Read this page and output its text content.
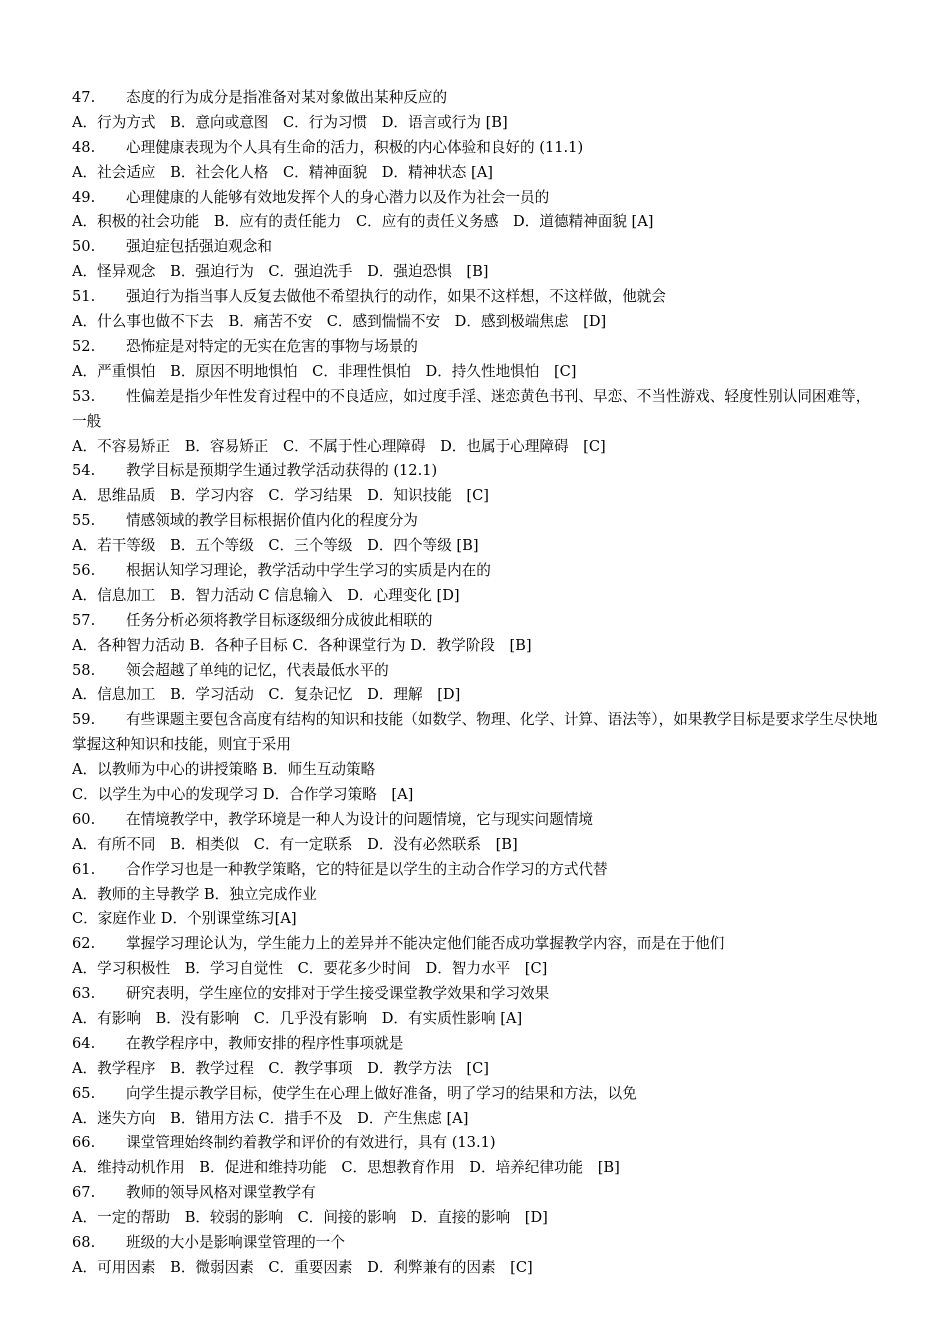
47. 态度的行为成分是指准备对某对象做出某种反应的
A．行为方式　B．意向或意图　C．行为习惯　D．语言或行为 [B]
48. 心理健康表现为个人具有生命的活力，积极的内心体验和良好的 (11.1)
A．社会适应　B．社会化人格　C．精神面貌　D．精神状态 [A]
49. 心理健康的人能够有效地发挥个人的身心潜力以及作为社会一员的
A．积极的社会功能　B．应有的责任能力　C．应有的责任义务感　D．道德精神面貌 [A]
50. 强迫症包括强迫观念和
A．怪异观念　B．强迫行为　C．强迫洗手　D．强迫恐惧　[B]
51. 强迫行为指当事人反复去做他不希望执行的动作，如果不这样想，不这样做，他就会
A．什么事也做不下去　B．痛苦不安　C．感到惴惴不安　D．感到极端焦虑　[D]
52. 恐怖症是对特定的无实在危害的事物与场景的
A．严重惧怕　B．原因不明地惧怕　C．非理性惧怕　D．持久性地惧怕　[C]
53. 性偏差是指少年性发育过程中的不良适应，如过度手淫、迷恋黄色书刊、早恋、不当性游戏、轻度性别认同困难等，一般
A．不容易矫正　B．容易矫正　C．不属于性心理障碍　D．也属于心理障碍　[C]
54. 教学目标是预期学生通过教学活动获得的 (12.1)
A．思维品质　B．学习内容　C．学习结果　D．知识技能　[C]
55. 情感领域的教学目标根据价值内化的程度分为
A．若干等级　B．五个等级　C．三个等级　D．四个等级 [B]
56. 根据认知学习理论，教学活动中学生学习的实质是内在的
A．信息加工　B．智力活动 C 信息输入　D．心理变化 [D]
57. 任务分析必须将教学目标逐级细分成彼此相联的
A．各种智力活动 B．各种子目标 C．各种课堂行为 D．教学阶段　[B]
58. 领会超越了单纯的记忆，代表最低水平的
A．信息加工　B．学习活动　C．复杂记忆　D．理解　[D]
59. 有些课题主要包含高度有结构的知识和技能（如数学、物理、化学、计算、语法等），如果教学目标是要求学生尽快地掌握这种知识和技能，则宜于采用
A．以教师为中心的讲授策略 B．师生互动策略
C．以学生为中心的发现学习 D．合作学习策略　[A]
60. 在情境教学中，教学环境是一种人为设计的问题情境，它与现实问题情境
A．有所不同　B．相类似　C．有一定联系　D．没有必然联系　[B]
61. 合作学习也是一种教学策略，它的特征是以学生的主动合作学习的方式代替
A．教师的主导教学 B．独立完成作业
C．家庭作业 D．个别课堂练习[A]
62. 掌握学习理论认为，学生能力上的差异并不能决定他们能否成功掌握教学内容，而是在于他们
A．学习积极性　B．学习自觉性　C．要花多少时间　D．智力水平　[C]
63. 研究表明，学生座位的安排对于学生接受课堂教学效果和学习效果
A．有影响　B．没有影响　C．几乎没有影响　D．有实质性影响 [A]
64. 在教学程序中，教师安排的程序性事项就是
A．教学程序　B．教学过程　C．教学事项　D．教学方法　[C]
65. 向学生提示教学目标，使学生在心理上做好准备，明了学习的结果和方法，以免
A．迷失方向　B．错用方法 C．措手不及　D．产生焦虑 [A]
66. 课堂管理始终制约着教学和评价的有效进行，具有 (13.1)
A．维持动机作用　B．促进和维持功能　C．思想教育作用　D．培养纪律功能　[B]
67. 教师的领导风格对课堂教学有
A．一定的帮助　B．较弱的影响　C．间接的影响　D．直接的影响　[D]
68. 班级的大小是影响课堂管理的一个
A．可用因素　B．微弱因素　C．重要因素　D．利弊兼有的因素　[C]
